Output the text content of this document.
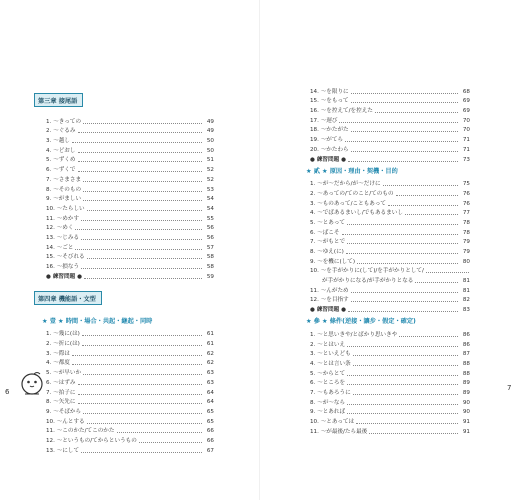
第三章 接尾語
1. 〜きっての	49
2. 〜ぐるみ	49
3. 〜越し	50
4. 〜どおし	50
5. 〜ずくめ	51
6. 〜ずくで	52
7. 〜さまさま	52
8. 〜そのもの	53
9. 〜がましい	54
10. 〜たらしい	54
11. 〜めかす	55
12. 〜めく	56
13. 〜じみる	56
14. 〜ごと	57
15. 〜そびれる	58
16. 〜損なう	58
● 練習問題 ●	59
第四章 機能語・文型
★ 壹 ★ 時間・場合・共起・継起・同時
1. 〜幾に(は)	61
2. 〜折に(は)	61
3. 〜際は	62
4. 〜都度	62
5. 〜が早いか	63
6. 〜はずみ	63
7. 〜拍子に	64
8. 〜矢先に	64
9. 〜そばから	65
10. 〜んとする	65
11. 〜このかた/てこのかた	66
12. 〜というもの/てからというもの	66
13. 〜にして	67
14. 〜を限りに	68
15. 〜をもって	69
16. 〜を控えて/を控えた	69
17. 〜遅び	70
18. 〜かたがた	70
19. 〜がてら	71
20. 〜かたわら	71
● 練習問題 ●	73
★ 貳 ★ 原因・理由・契機・目的
1. 〜が〜だから/が〜だけに	75
2. 〜あっての/てのこと/てのもの	76
3. 〜ものあって/こともあって	76
4. 〜でばあるまいし/でもあるまいし	77
5. 〜とあって	78
6. 〜ばこそ	78
7. 〜がもとで	79
8. 〜ゆえ(に)	79
9. 〜を機に(して)	80
10. 〜を手がかりに(して)/を手がかりとして/
が手がかりになる/が手がかりとなる	81
11. 〜んがため	81
12. 〜を目指す	82
● 練習問題 ●	83
★ 參 ★ 條件(逆接・讓步・假定・確定)
1. 〜と思いきや/とばかり思いきや	86
2. 〜とはいえ	86
3. 〜といえども	87
4. 〜とは言い条	88
5. 〜からとて	88
6. 〜ところを	89
7. 〜もあろうに	89
8. 〜が〜なら	90
9. 〜とあれば	90
10. 〜とあっては	91
11. 〜が最後/たら最後	91
6	7
